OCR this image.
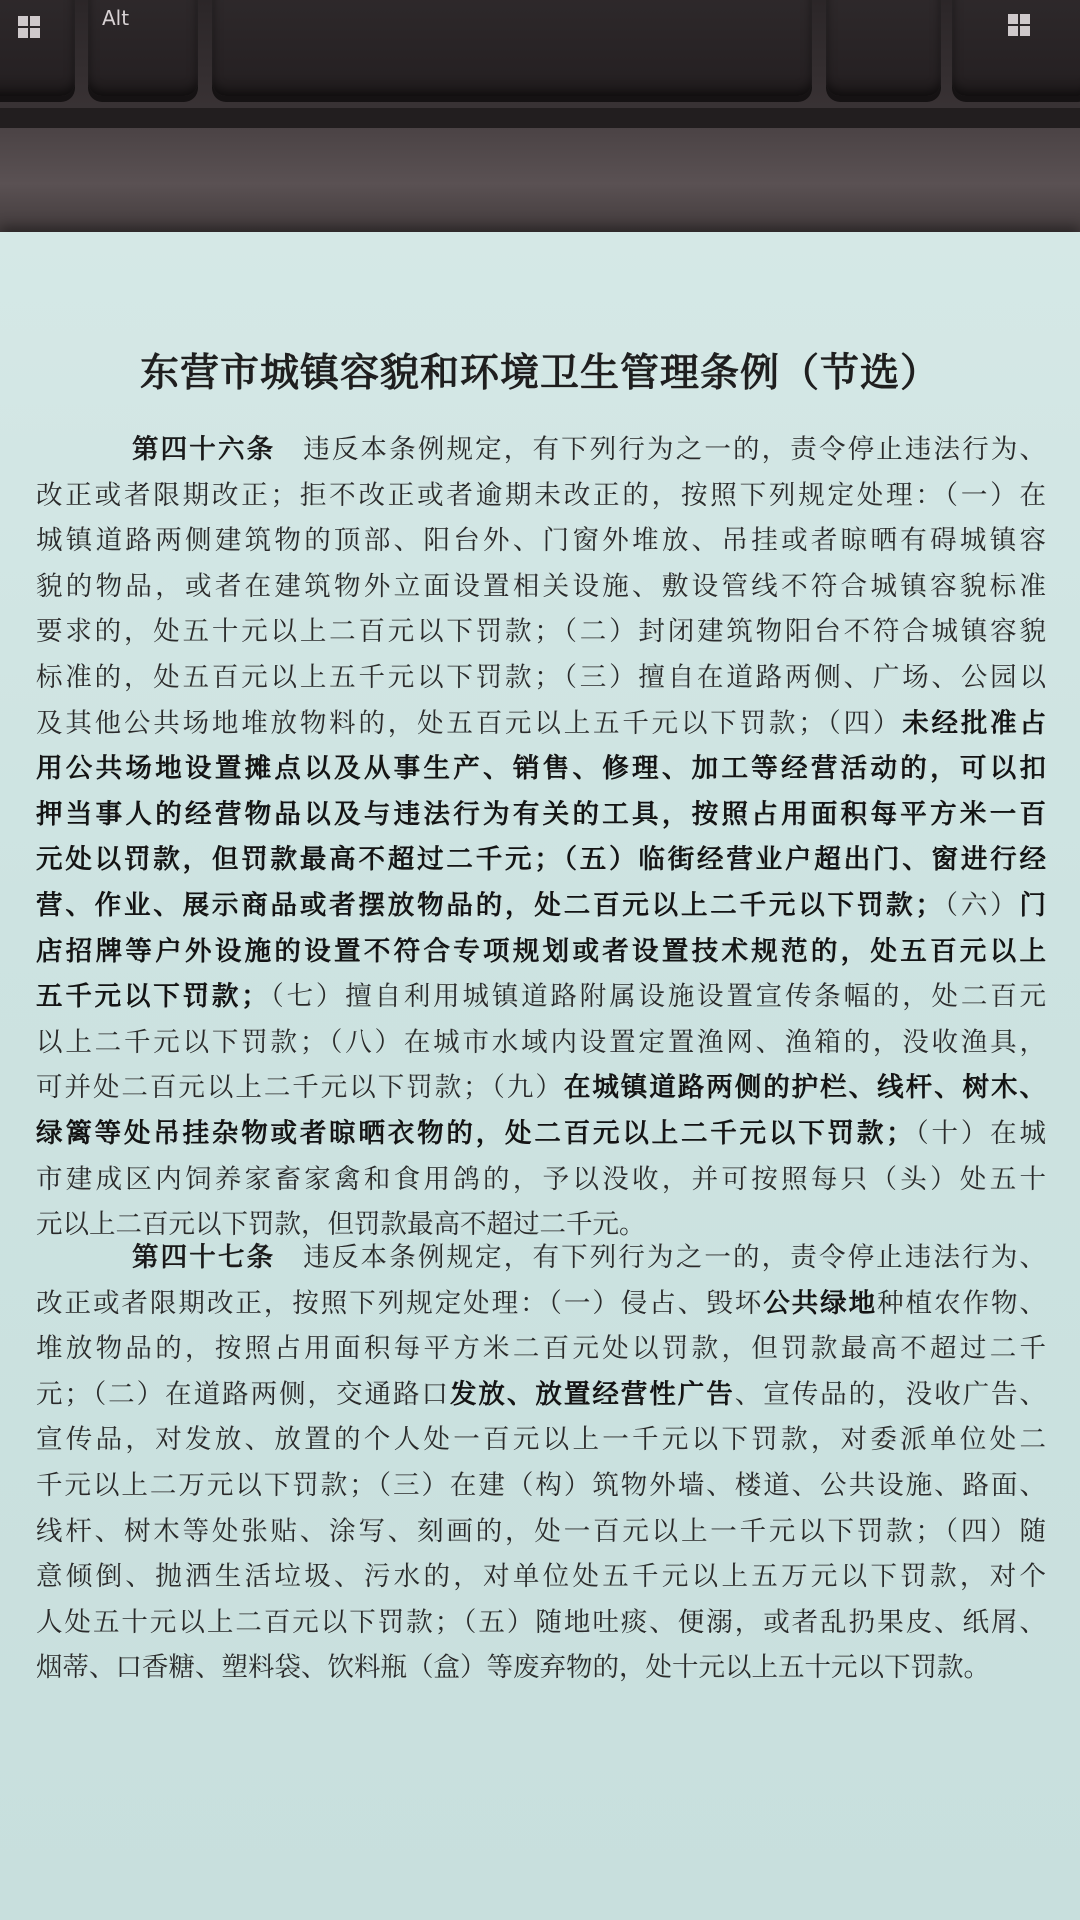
Alt
东营市城镇容貌和环境卫生管理条例（节选）
第四十六条 违反本条例规定，有下列行为之一的，责令停止违法行为、
改正或者限期改正；拒不改正或者逾期未改正的，按照下列规定处理：（一）在
城镇道路两侧建筑物的顶部、阳台外、门窗外堆放、吊挂或者晾晒有碍城镇容
貌的物品，或者在建筑物外立面设置相关设施、敷设管线不符合城镇容貌标准
要求的，处五十元以上二百元以下罚款；（二）封闭建筑物阳台不符合城镇容貌
标准的，处五百元以上五千元以下罚款；（三）擅自在道路两侧、广场、公园以
及其他公共场地堆放物料的，处五百元以上五千元以下罚款；（四）未经批准占
用公共场地设置摊点以及从事生产、销售、修理、加工等经营活动的，可以扣
押当事人的经营物品以及与违法行为有关的工具，按照占用面积每平方米一百
元处以罚款，但罚款最高不超过二千元；（五）临街经营业户超出门、窗进行经
营、作业、展示商品或者摆放物品的，处二百元以上二千元以下罚款；（六）门
店招牌等户外设施的设置不符合专项规划或者设置技术规范的，处五百元以上
五千元以下罚款；（七）擅自利用城镇道路附属设施设置宣传条幅的，处二百元
以上二千元以下罚款；（八）在城市水域内设置定置渔网、渔箱的，没收渔具，
可并处二百元以上二千元以下罚款；（九）在城镇道路两侧的护栏、线杆、树木、
绿篱等处吊挂杂物或者晾晒衣物的，处二百元以上二千元以下罚款；（十）在城
市建成区内饲养家畜家禽和食用鸽的，予以没收，并可按照每只（头）处五十
元以上二百元以下罚款，但罚款最高不超过二千元。
第四十七条 违反本条例规定，有下列行为之一的，责令停止违法行为、
改正或者限期改正，按照下列规定处理：（一）侵占、毁坏公共绿地种植农作物、
堆放物品的，按照占用面积每平方米二百元处以罚款，但罚款最高不超过二千
元；（二）在道路两侧，交通路口发放、放置经营性广告、宣传品的，没收广告、
宣传品，对发放、放置的个人处一百元以上一千元以下罚款，对委派单位处二
千元以上二万元以下罚款；（三）在建（构）筑物外墙、楼道、公共设施、路面、
线杆、树木等处张贴、涂写、刻画的，处一百元以上一千元以下罚款；（四）随
意倾倒、抛洒生活垃圾、污水的，对单位处五千元以上五万元以下罚款，对个
人处五十元以上二百元以下罚款；（五）随地吐痰、便溺，或者乱扔果皮、纸屑、
烟蒂、口香糖、塑料袋、饮料瓶（盒）等废弃物的，处十元以上五十元以下罚款。
